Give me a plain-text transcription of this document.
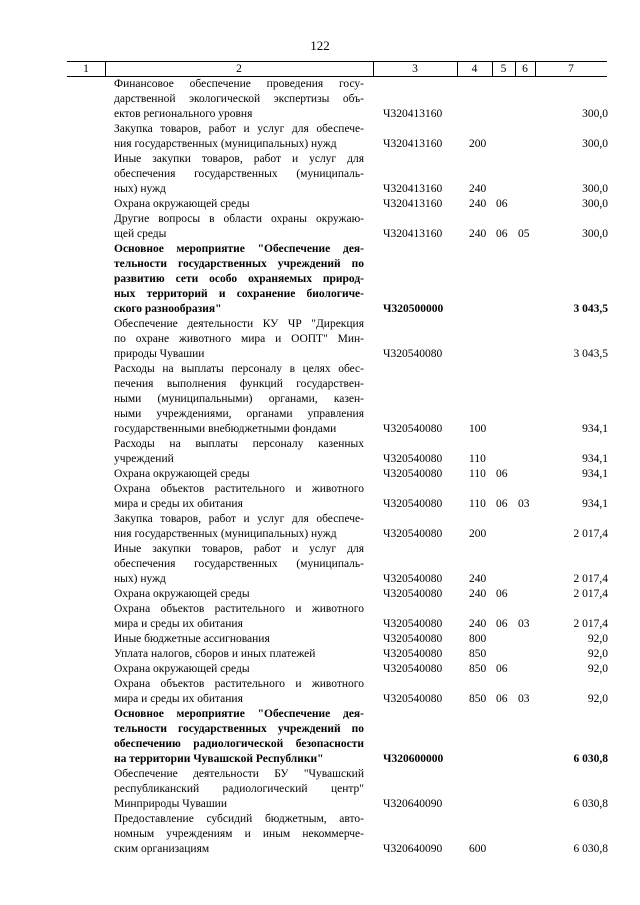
122
1	2	3	4	5	6	7
Финансовое обеспечение проведения госу-
дарственной экологической экспертизы объ-
ектов регионального уровня	Ч320413160	300,0
Закупка товаров, работ и услуг для обеспече-
ния государственных (муниципальных) нужд	Ч320413160 200	300,0
Иные закупки товаров, работ и услуг для
обеспечения государственных (муниципаль-
ных) нужд	Ч320413160 240	300,0
Охрана окружающей среды	Ч320413160 240 06	300,0
Другие вопросы в области охраны окружаю-
щей среды	Ч320413160 240 06 05	300,0
Основное мероприятие "Обеспечение дея-
тельности государственных учреждений по
развитию сети особо охраняемых природ-
ных территорий и сохранение биологиче-
ского разнообразия"	Ч320500000	3 043,5
Обеспечение деятельности КУ ЧР "Дирекция
по охране животного мира и ООПТ" Мин-
природы Чувашии	Ч320540080	3 043,5
Расходы на выплаты персоналу в целях обес-
печения выполнения функций государствен-
ными (муниципальными) органами, казен-
ными учреждениями, органами управления
государственными внебюджетными фондами	Ч320540080 100	934,1
Расходы на выплаты персоналу казенных
учреждений	Ч320540080 110	934,1
Охрана окружающей среды	Ч320540080 110 06	934,1
Охрана объектов растительного и животного
мира и среды их обитания	Ч320540080 110 06 03	934,1
Закупка товаров, работ и услуг для обеспече-
ния государственных (муниципальных) нужд	Ч320540080 200	2 017,4
Иные закупки товаров, работ и услуг для
обеспечения государственных (муниципаль-
ных) нужд	Ч320540080 240	2 017,4
Охрана окружающей среды	Ч320540080 240 06	2 017,4
Охрана объектов растительного и животного
мира и среды их обитания	Ч320540080 240 06 03	2 017,4
Иные бюджетные ассигнования	Ч320540080 800	92,0
Уплата налогов, сборов и иных платежей	Ч320540080 850	92,0
Охрана окружающей среды	Ч320540080 850 06	92,0
Охрана объектов растительного и животного
мира и среды их обитания	Ч320540080 850 06 03	92,0
Основное мероприятие "Обеспечение дея-
тельности государственных учреждений по
обеспечению радиологической безопасности
на территории Чувашской Республики"	Ч320600000	6 030,8
Обеспечение деятельности БУ "Чувашский
республиканский радиологический центр"
Минприроды Чувашии	Ч320640090	6 030,8
Предоставление субсидий бюджетным, авто-
номным учреждениям и иным некоммерче-
ским организациям	Ч320640090 600	6 030,8
